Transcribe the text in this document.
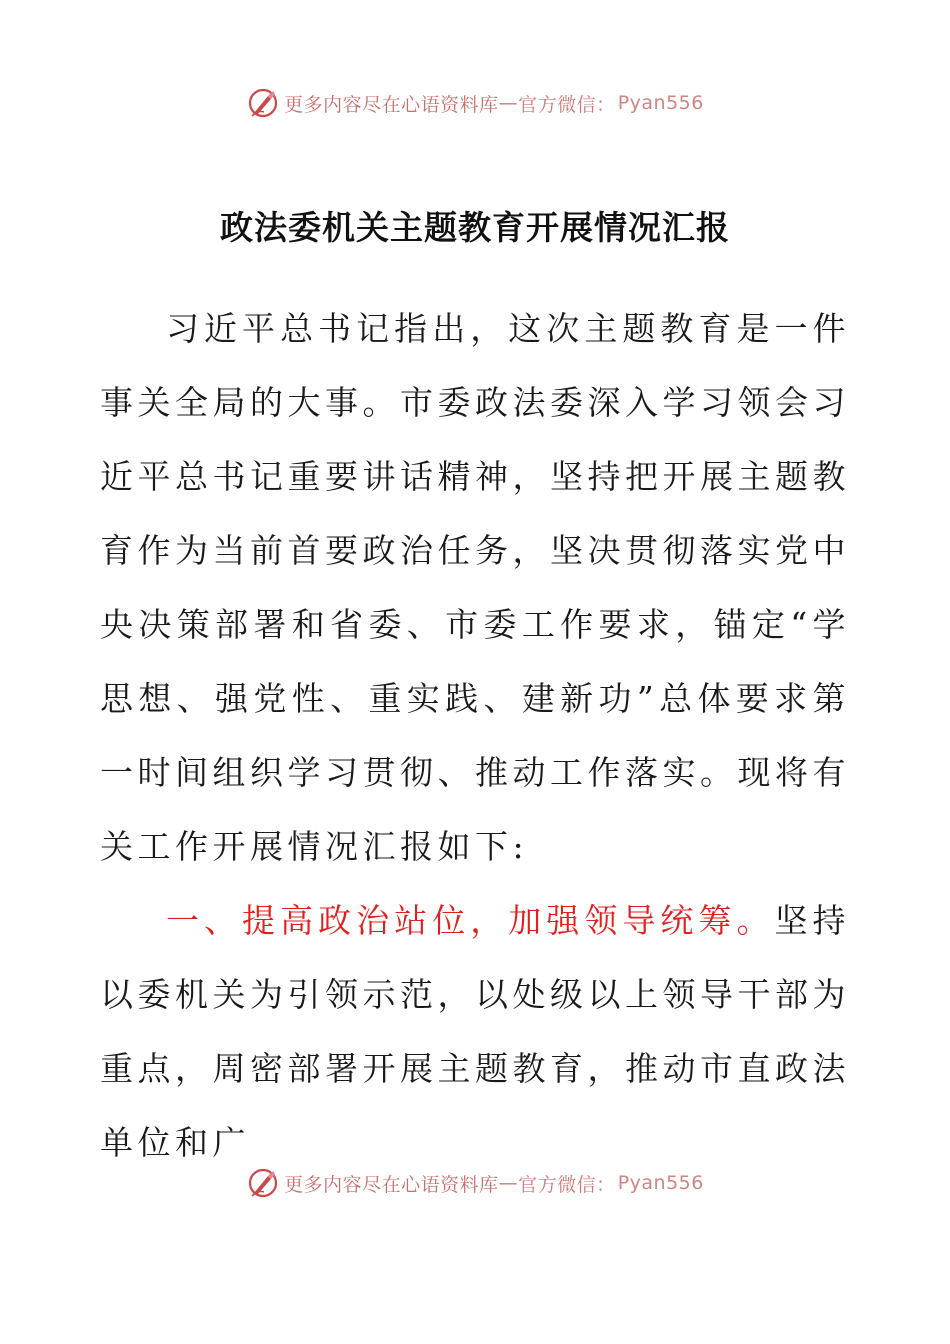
更多内容尽在心语资料库 — 官方微信： Pyan556
政法委机关主题教育开展情况汇报

习近平总书记指出，这次主题教育是一件事关全局的大事。市委政法委深入学习领会习近平总书记重要讲话精神，坚持把开展主题教育作为当前首要政治任务，坚决贯彻落实党中央决策部署和省委、市委工作要求，锚定“学思想、强党性、重实践、建新功”总体要求第一时间组织学习贯彻、推动工作落实。现将有关工作开展情况汇报如下:

一、提高政治站位，加强领导统筹。坚持以委机关为引领示范，以处级以上领导干部为重点，周密部署开展主题教育，推动市直政法单位和广

更多内容尽在心语资料库 — 官方微信： Pyan556
